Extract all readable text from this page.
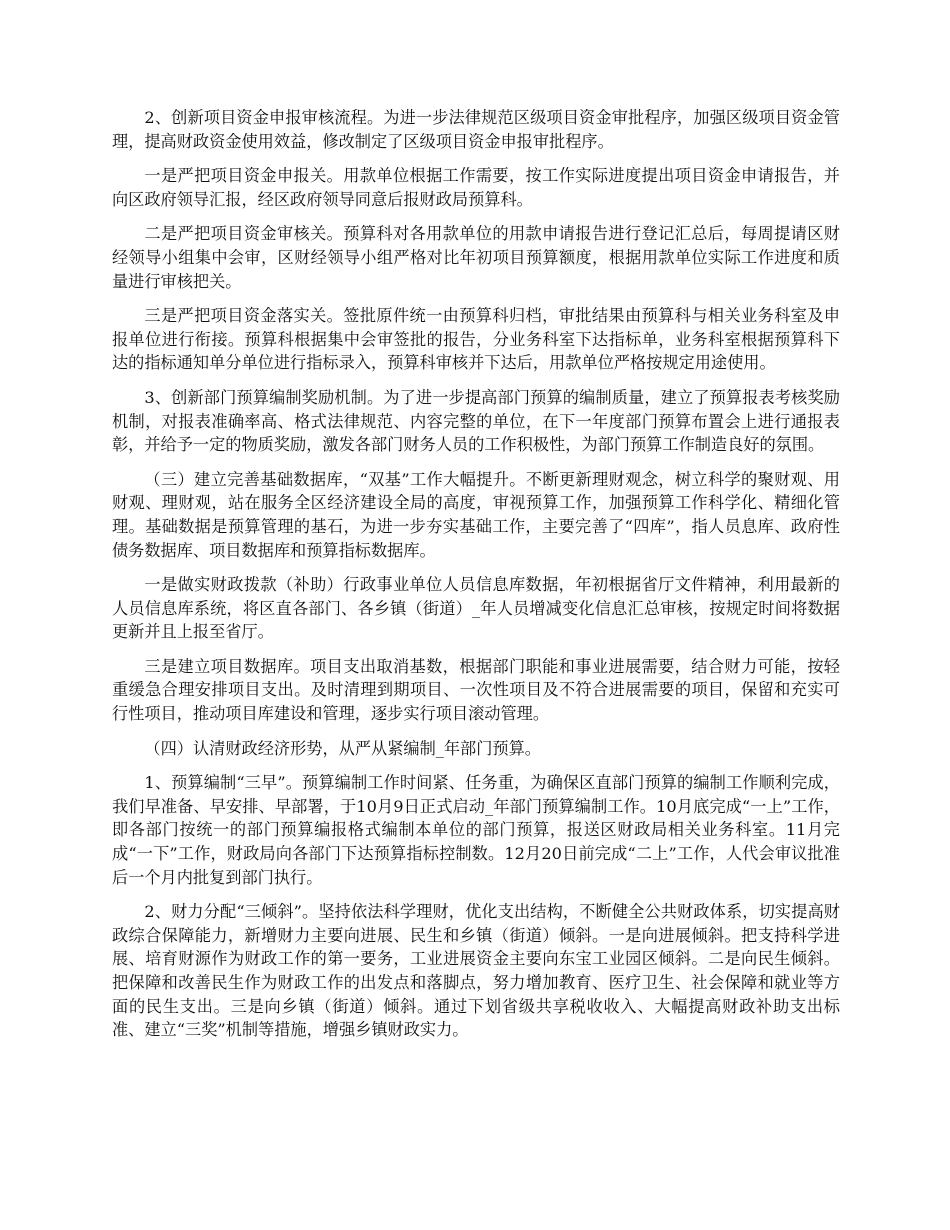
2、创新项目资金申报审核流程。为进一步法律规范区级项目资金审批程序，加强区级项目资金管理，提高财政资金使用效益，修改制定了区级项目资金申报审批程序。

一是严把项目资金申报关。用款单位根据工作需要，按工作实际进度提出项目资金申请报告，并向区政府领导汇报，经区政府领导同意后报财政局预算科。

二是严把项目资金审核关。预算科对各用款单位的用款申请报告进行登记汇总后，每周提请区财经领导小组集中会审，区财经领导小组严格对比年初项目预算额度，根据用款单位实际工作进度和质量进行审核把关。

三是严把项目资金落实关。签批原件统一由预算科归档，审批结果由预算科与相关业务科室及申报单位进行衔接。预算科根据集中会审签批的报告，分业务科室下达指标单，业务科室根据预算科下达的指标通知单分单位进行指标录入，预算科审核并下达后，用款单位严格按规定用途使用。

3、创新部门预算编制奖励机制。为了进一步提高部门预算的编制质量，建立了预算报表考核奖励机制，对报表准确率高、格式法律规范、内容完整的单位，在下一年度部门预算布置会上进行通报表彰，并给予一定的物质奖励，激发各部门财务人员的工作积极性，为部门预算工作制造良好的氛围。

（三）建立完善基础数据库，“双基”工作大幅提升。不断更新理财观念，树立科学的聚财观、用财观、理财观，站在服务全区经济建设全局的高度，审视预算工作，加强预算工作科学化、精细化管理。基础数据是预算管理的基石，为进一步夯实基础工作，主要完善了“四库”，指人员息库、政府性债务数据库、项目数据库和预算指标数据库。

一是做实财政拨款（补助）行政事业单位人员信息库数据，年初根据省厅文件精神，利用最新的人员信息库系统，将区直各部门、各乡镇（街道）_年人员增减变化信息汇总审核，按规定时间将数据更新并且上报至省厅。

三是建立项目数据库。项目支出取消基数，根据部门职能和事业进展需要，结合财力可能，按轻重缓急合理安排项目支出。及时清理到期项目、一次性项目及不符合进展需要的项目，保留和充实可行性项目，推动项目库建设和管理，逐步实行项目滚动管理。

（四）认清财政经济形势，从严从紧编制_年部门预算。

1、预算编制“三早”。预算编制工作时间紧、任务重，为确保区直部门预算的编制工作顺利完成，我们早准备、早安排、早部署，于10月9日正式启动_年部门预算编制工作。10月底完成“一上”工作，即各部门按统一的部门预算编报格式编制本单位的部门预算，报送区财政局相关业务科室。11月完成“一下”工作，财政局向各部门下达预算指标控制数。12月20日前完成“二上”工作，人代会审议批准后一个月内批复到部门执行。

2、财力分配“三倾斜”。坚持依法科学理财，优化支出结构，不断健全公共财政体系，切实提高财政综合保障能力，新增财力主要向进展、民生和乡镇（街道）倾斜。一是向进展倾斜。把支持科学进展、培育财源作为财政工作的第一要务，工业进展资金主要向东宝工业园区倾斜。二是向民生倾斜。把保障和改善民生作为财政工作的出发点和落脚点，努力增加教育、医疗卫生、社会保障和就业等方面的民生支出。三是向乡镇（街道）倾斜。通过下划省级共享税收收入、大幅提高财政补助支出标准、建立“三奖”机制等措施，增强乡镇财政实力。
